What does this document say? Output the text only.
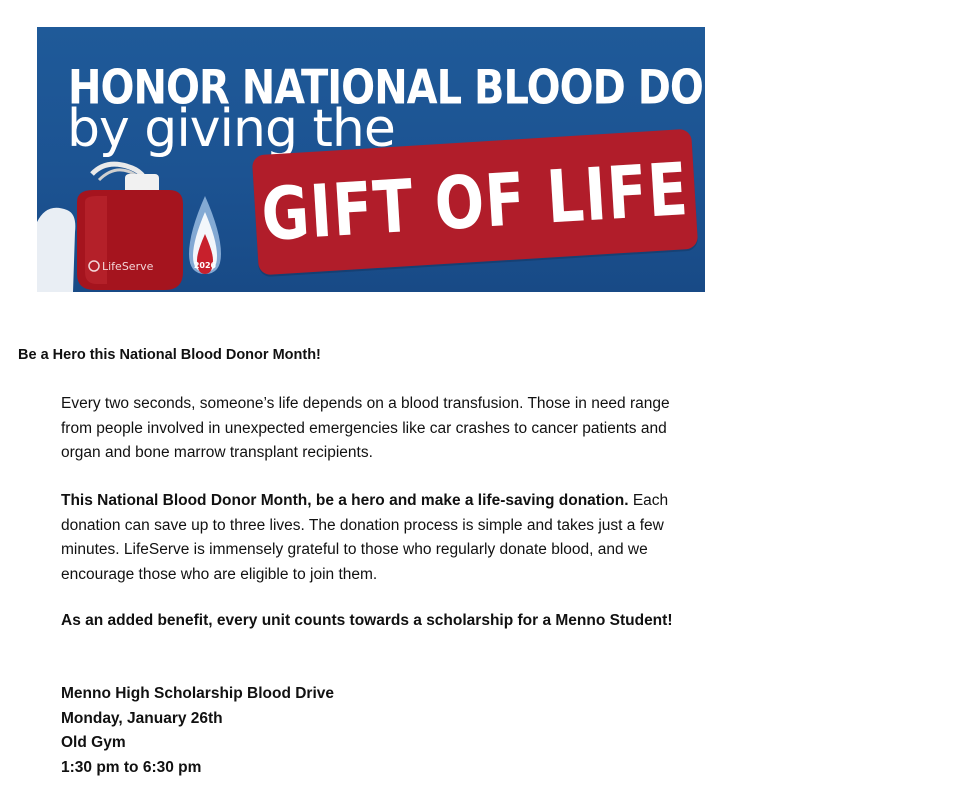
HONOR NATIONAL BLOOD DONOR MONTH
by giving the
LifeServe	2026
GIFT OF LIFE
Be a Hero this National Blood Donor Month!
Every two seconds, someone’s life depends on a blood transfusion. Those in need range from people involved in unexpected emergencies like car crashes to cancer patients and organ and bone marrow transplant recipients.
This National Blood Donor Month, be a hero and make a life-saving donation. Each donation can save up to three lives. The donation process is simple and takes just a few minutes. LifeServe is immensely grateful to those who regularly donate blood, and we encourage those who are eligible to join them.
As an added benefit, every unit counts towards a scholarship for a Menno Student!
Menno High Scholarship Blood Drive
Monday, January 26th
Old Gym
1:30 pm to 6:30 pm
